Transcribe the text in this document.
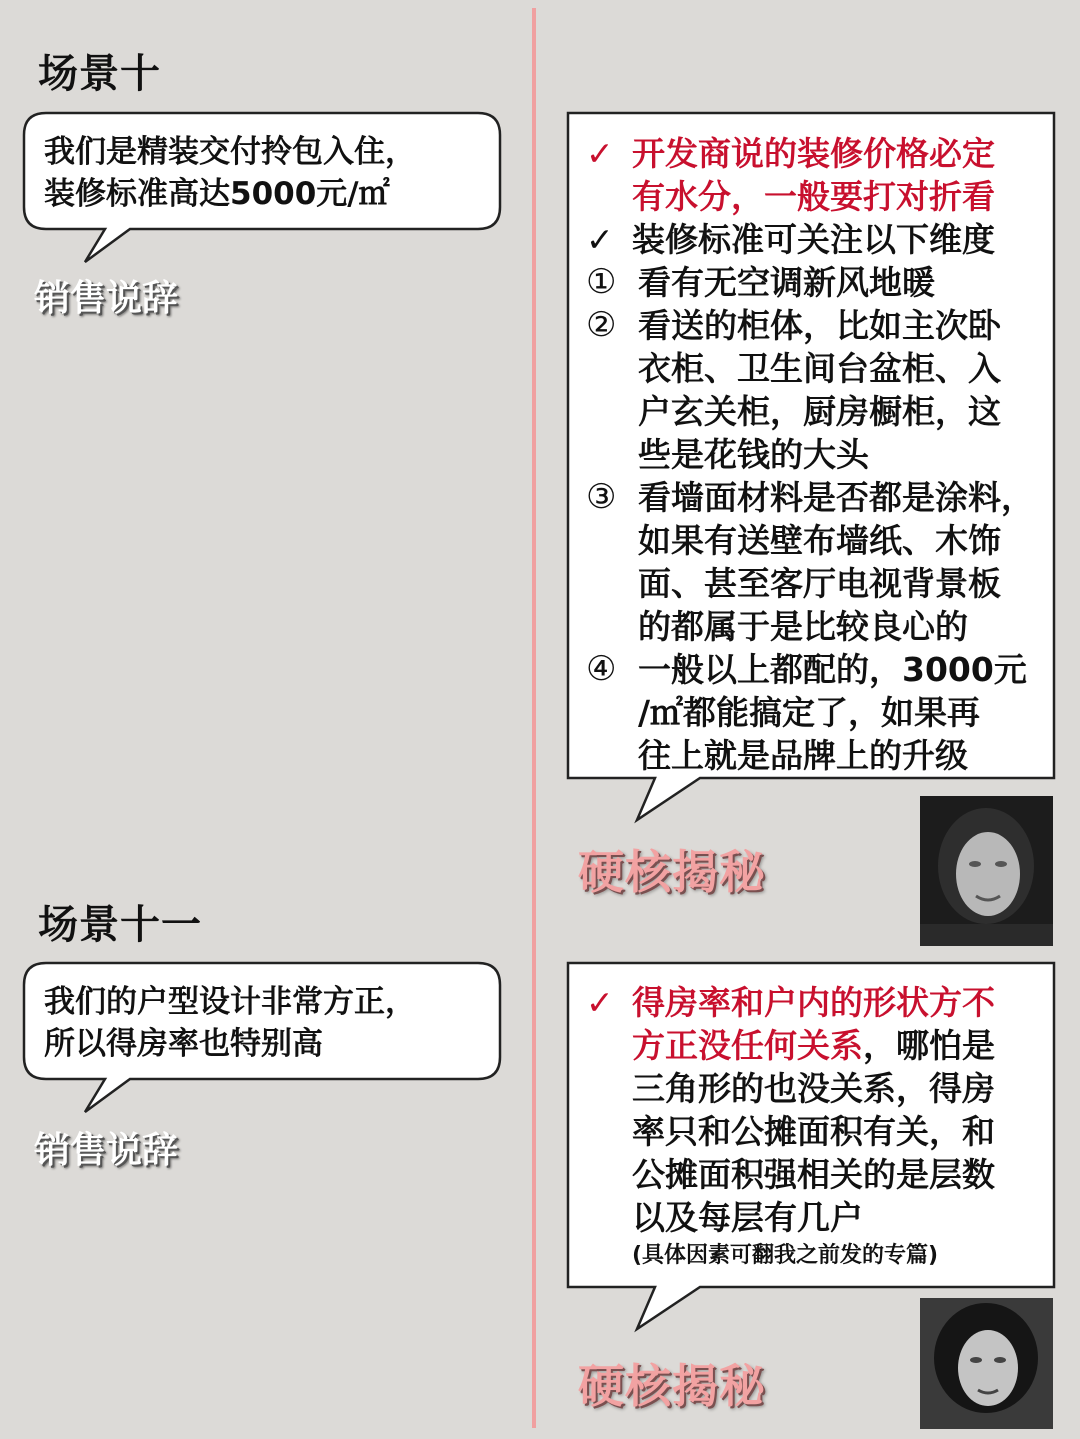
场景十
我们是精装交付拎包入住，
装修标准高达5000元/㎡
销售说辞
✓ 开发商说的装修价格必定
有水分，一般要打对折看
✓ 装修标准可关注以下维度
① 看有无空调新风地暖
② 看送的柜体，比如主次卧
衣柜、卫生间台盆柜、入
户玄关柜，厨房橱柜，这
些是花钱的大头
③ 看墙面材料是否都是涂料，
如果有送壁布墙纸、木饰
面、甚至客厅电视背景板
的都属于是比较良心的
④ 一般以上都配的，3000元
/㎡都能搞定了，如果再
往上就是品牌上的升级
硬核揭秘
场景十一
我们的户型设计非常方正，
所以得房率也特别高
销售说辞
✓ 得房率和户内的形状方不
方正没任何关系，哪怕是
三角形的也没关系，得房
率只和公摊面积有关，和
公摊面积强相关的是层数
以及每层有几户
(具体因素可翻我之前发的专篇)
硬核揭秘
